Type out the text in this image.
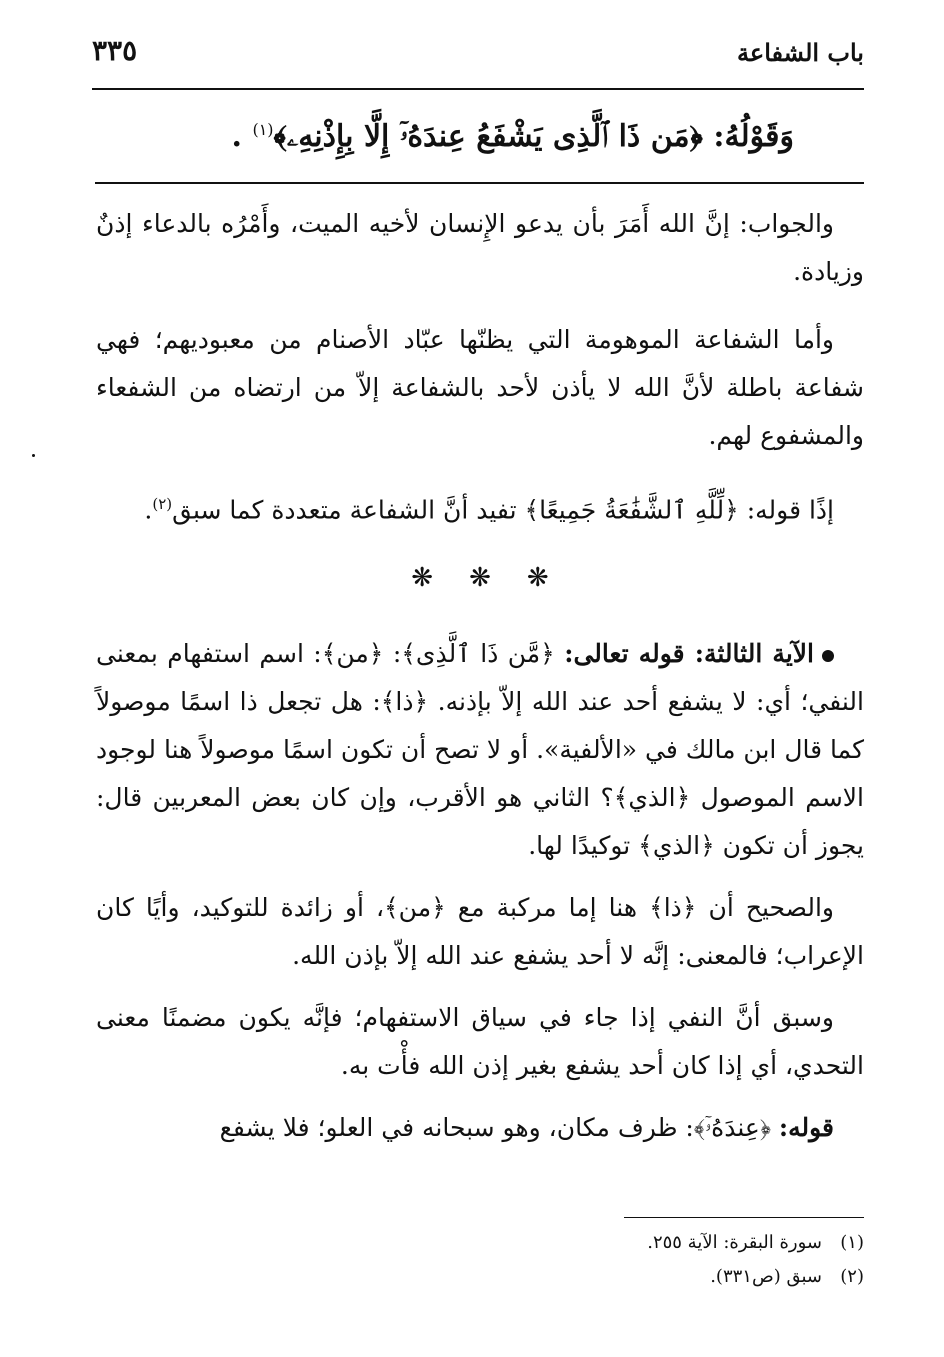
باب الشفاعة
٣٣٥
وَقَوْلُهُ: ﴿مَن ذَا ٱلَّذِى يَشْفَعُ عِندَهُۥٓ إِلَّا بِإِذْنِهِۦ﴾$^{(١)}$ .

والجواب: إنَّ الله أَمَرَ بأن يدعو الإِنسان لأخيه الميت، وأَمْرُه بالدعاء إذنٌ وزيادة.

وأما الشفاعة الموهومة التي يظنّها عبّاد الأصنام من معبوديهم؛ فهي شفاعة باطلة لأنَّ الله لا يأذن لأحد بالشفاعة إلاّ من ارتضاه من الشفعاء والمشفوع لهم.

إذًا قوله: ﴿لِّلَّهِ ٱلشَّفَٰعَةُ جَمِيعًا﴾ تفيد أنَّ الشفاعة متعددة كما سبق$^{(٢)}$.

❋❋❋

الآية الثالثة: قوله تعالى: ﴿مَّن ذَا ٱلَّذِى﴾: ﴿من﴾: اسم استفهام بمعنى النفي؛ أي: لا يشفع أحد عند الله إلاّ بإذنه. ﴿ذا﴾: هل تجعل ذا اسمًا موصولاً كما قال ابن مالك في «الألفية». أو لا تصح أن تكون اسمًا موصولاً هنا لوجود الاسم الموصول ﴿الذي﴾؟ الثاني هو الأقرب، وإن كان بعض المعربين قال: يجوز أن تكون ﴿الذي﴾ توكيدًا لها.

والصحيح أن ﴿ذا﴾ هنا إما مركبة مع ﴿من﴾، أو زائدة للتوكيد، وأيًا كان الإعراب؛ فالمعنى: إنَّه لا أحد يشفع عند الله إلاّ بإذن الله.

وسبق أنَّ النفي إذا جاء في سياق الاستفهام؛ فإنَّه يكون مضمنًا معنى التحدي، أي إذا كان أحد يشفع بغير إذن الله فأْت به.

قوله: ﴿عِندَهُۥٓ﴾: ظرف مكان، وهو سبحانه في العلو؛ فلا يشفع

(١)سورة البقرة: الآية ٢٥٥.
(٢)سبق (ص٣٣١).
